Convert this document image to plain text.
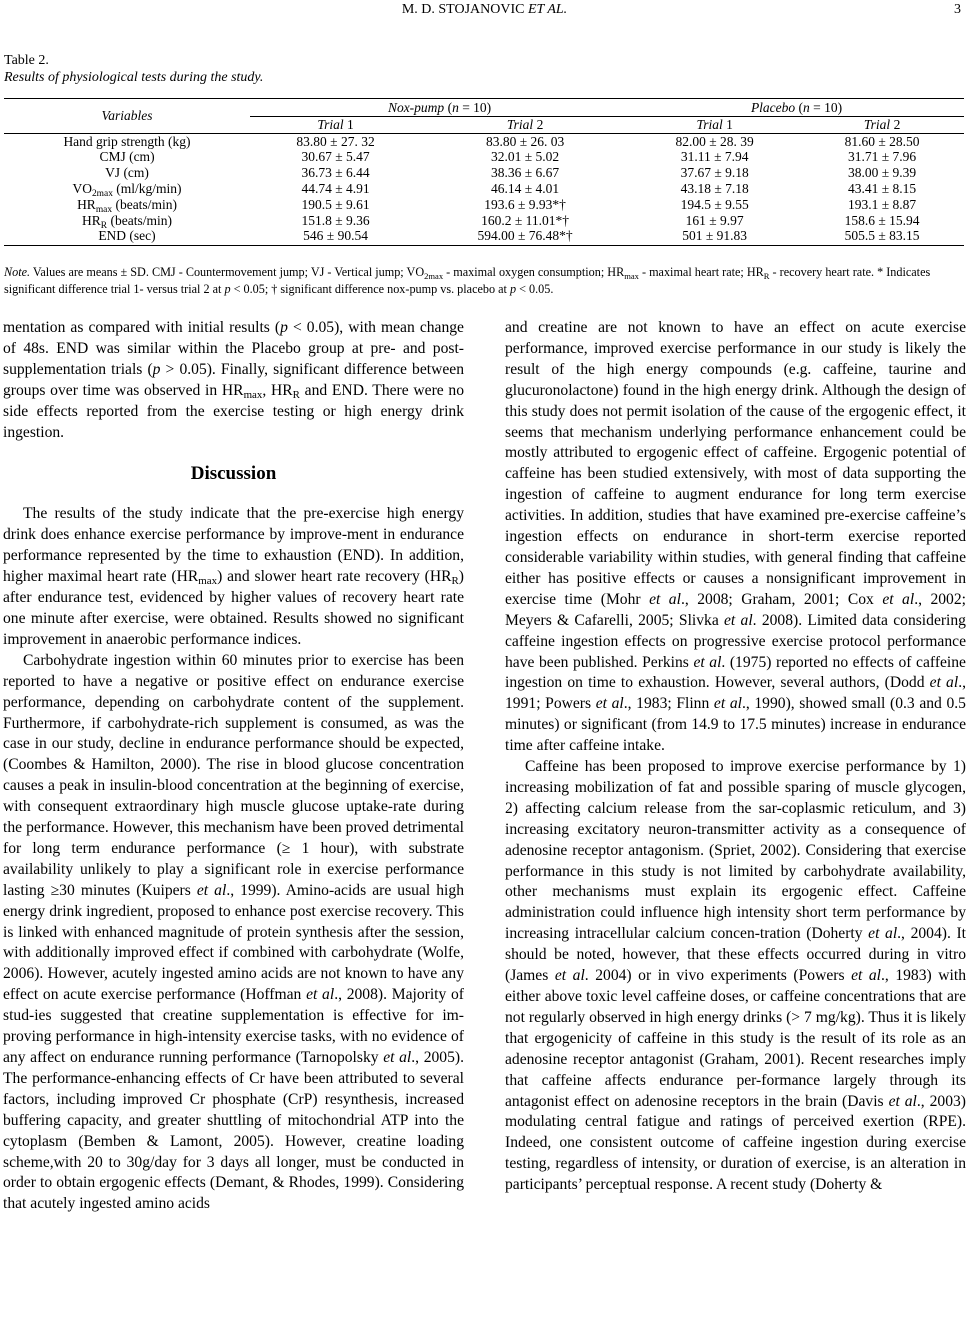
M. D. STOJANOVIC ET AL.	3
Table 2.
Results of physiological tests during the study.
Variables	Nox-pump (n = 10)		Placebo (n = 10)	
	Trial 1	Trial 2	Trial 1	Trial 2
Hand grip strength (kg)	83.80 ± 27. 32	83.80 ± 26. 03	82.00 ± 28. 39	81.60 ± 28.50
CMJ (cm)	30.67 ± 5.47	32.01 ± 5.02	31.11 ± 7.94	31.71 ± 7.96
VJ (cm)	36.73 ± 6.44	38.36 ± 6.67	37.67 ± 9.18	38.00 ± 9.39
$VO_{2max}$ (ml/kg/min)	44.74 ± 4.91	46.14 ± 4.01	43.18 ± 7.18	43.41 ± 8.15
$HR_{max}$ (beats/min)	190.5 ± 9.61	193.6 ± 9.93*†	194.5 ± 9.55	193.1 ± 8.87
$HR_R$ (beats/min)	151.8 ± 9.36	160.2 ± 11.01*†	161 ± 9.97	158.6 ± 15.94
END (sec)	546 ± 90.54	594.00 ± 76.48*†	501 ± 91.83	505.5 ± 83.15
Note. Values are means ± SD. CMJ - Countermovement jump; VJ - Vertical jump; $VO_{2max}$ - maximal oxygen consumption; $HR_{max}$ - maximal heart rate; $HR_R$ - recovery heart rate. * Indicates significant difference trial 1- versus trial 2 at p < 0.05; † significant difference nox-pump vs. placebo at p < 0.05.

mentation as compared with initial results (p < 0.05), with mean change of 48s. END was similar within the Placebo group at pre- and post-supplementation trials (p > 0.05). Finally, significant difference between groups over time was observed in $HR_{max}$, $HR_R$ and END. There were no side effects reported from the exercise testing or high energy drink ingestion.

Discussion

The results of the study indicate that the pre-exercise high energy drink does enhance exercise performance by improve-ment in endurance performance represented by the time to exhaustion (END). In addition, higher maximal heart rate $(HR_{max})$ and slower heart rate recovery $(HR_R)$ after endurance test, evidenced by higher values of recovery heart rate one minute after exercise, were obtained. Results showed no significant improvement in anaerobic performance indices.

Carbohydrate ingestion within 60 minutes prior to exercise has been reported to have a negative or positive effect on endurance exercise performance, depending on carbohydrate content of the supplement. Furthermore, if carbohydrate-rich supplement is consumed, as was the case in our study, decline in endurance performance should be expected, (Coombes & Hamilton, 2000). The rise in blood glucose concentration causes a peak in insulin-blood concentration at the beginning of exercise, with consequent extraordinary high muscle glucose uptake-rate during the performance. However, this mechanism have been proved detrimental for long term endurance performance (≥ 1 hour), with substrate availability unlikely to play a significant role in exercise performance lasting ≥30 minutes (Kuipers et al., 1999). Amino-acids are usual high energy drink ingredient, proposed to enhance post exercise recovery. This is linked with enhanced magnitude of protein synthesis after the session, with additionally improved effect if combined with carbohydrate (Wolfe, 2006). However, acutely ingested amino acids are not known to have any effect on acute exercise performance (Hoffman et al., 2008). Majority of stud-ies suggested that creatine supplementation is effective for im-proving performance in high-intensity exercise tasks, with no evidence of any affect on endurance running performance (Tarnopolsky et al., 2005). The performance-enhancing effects of Cr have been attributed to several factors, including improved Cr phosphate (CrP) resynthesis, increased buffering capacity, and greater shuttling of mitochondrial ATP into the cytoplasm (Bemben & Lamont, 2005). However, creatine loading scheme,with 20 to 30g/day for 3 days all longer, must be conducted in order to obtain ergogenic effects (Demant, & Rhodes, 1999). Considering that acutely ingested amino acids

and creatine are not known to have an effect on acute exercise performance, improved exercise performance in our study is likely the result of the high energy compounds (e.g. caffeine, taurine and glucuronolactone) found in the high energy drink. Although the design of this study does not permit isolation of the cause of the ergogenic effect, it seems that mechanism underlying performance enhancement could be mostly attributed to ergogenic effect of caffeine. Ergogenic potential of caffeine has been studied extensively, with most of data supporting the ingestion of caffeine to augment endurance for long term exercise activities. In addition, studies that have examined pre-exercise caffeine’s ingestion effects on endurance in short-term exercise reported considerable variability within studies, with general finding that caffeine either has positive effects or causes a nonsignificant improvement in exercise time (Mohr et al., 2008; Graham, 2001; Cox et al., 2002; Meyers & Cafarelli, 2005; Slivka et al. 2008). Limited data considering caffeine ingestion effects on progressive exercise protocol performance have been published. Perkins et al. (1975) reported no effects of caffeine ingestion on time to exhaustion. However, several authors, (Dodd et al., 1991; Powers et al., 1983; Flinn et al., 1990), showed small (0.3 and 0.5 minutes) or significant (from 14.9 to 17.5 minutes) increase in endurance time after caffeine intake.

Caffeine has been proposed to improve exercise performance by 1) increasing mobilization of fat and possible sparing of muscle glycogen, 2) affecting calcium release from the sar-coplasmic reticulum, and 3) increasing excitatory neuron-transmitter activity as a consequence of adenosine receptor antagonism. (Spriet, 2002). Considering that exercise performance in this study is not limited by carbohydrate availability, other mechanisms must explain its ergogenic effect. Caffeine administration could influence high intensity short term performance by increasing intracellular calcium concen-tration (Doherty et al., 2004). It should be noted, however, that these effects occurred during in vitro (James et al. 2004) or in vivo experiments (Powers et al., 1983) with either above toxic level caffeine doses, or caffeine concentrations that are not regularly observed in high energy drinks (> 7 mg/kg). Thus it is likely that ergogenicity of caffeine in this study is the result of its role as an adenosine receptor antagonist (Graham, 2001). Recent researches imply that caffeine affects endurance per-formance largely through its antagonist effect on adenosine receptors in the brain (Davis et al., 2003) modulating central fatigue and ratings of perceived exertion (RPE). Indeed, one consistent outcome of caffeine ingestion during exercise testing, regardless of intensity, or duration of exercise, is an alteration in participants’ perceptual response. A recent study (Doherty &
